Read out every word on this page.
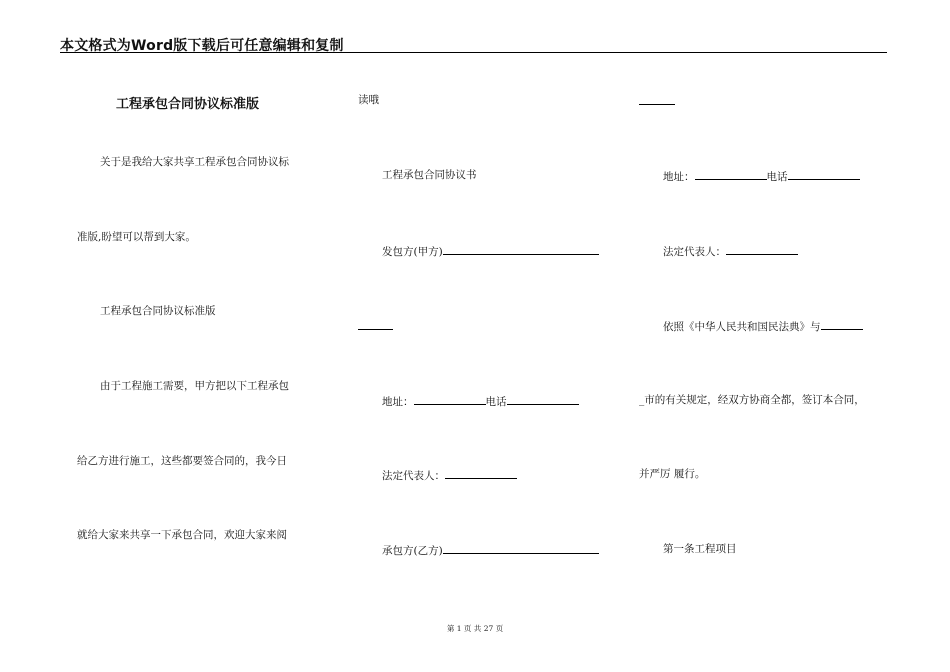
本文格式为Word版下载后可任意编辑和复制
工程承包合同协议标准版
关于是我给大家共享工程承包合同协议标
准版,盼望可以帮到大家。
工程承包合同协议标准版
由于工程施工需要，甲方把以下工程承包
给乙方进行施工，这些都要签合同的，我今日
就给大家来共享一下承包合同，欢迎大家来阅
读哦
工程承包合同协议书
发包方(甲方)
地址：	电话
法定代表人：
承包方(乙方)
地址：	电话
法定代表人：
依照《中华人民共和国民法典》与
_市的有关规定，经双方协商全都，签订本合同，
并严厉 履行。
第一条工程项目
第 1 页 共 27 页
